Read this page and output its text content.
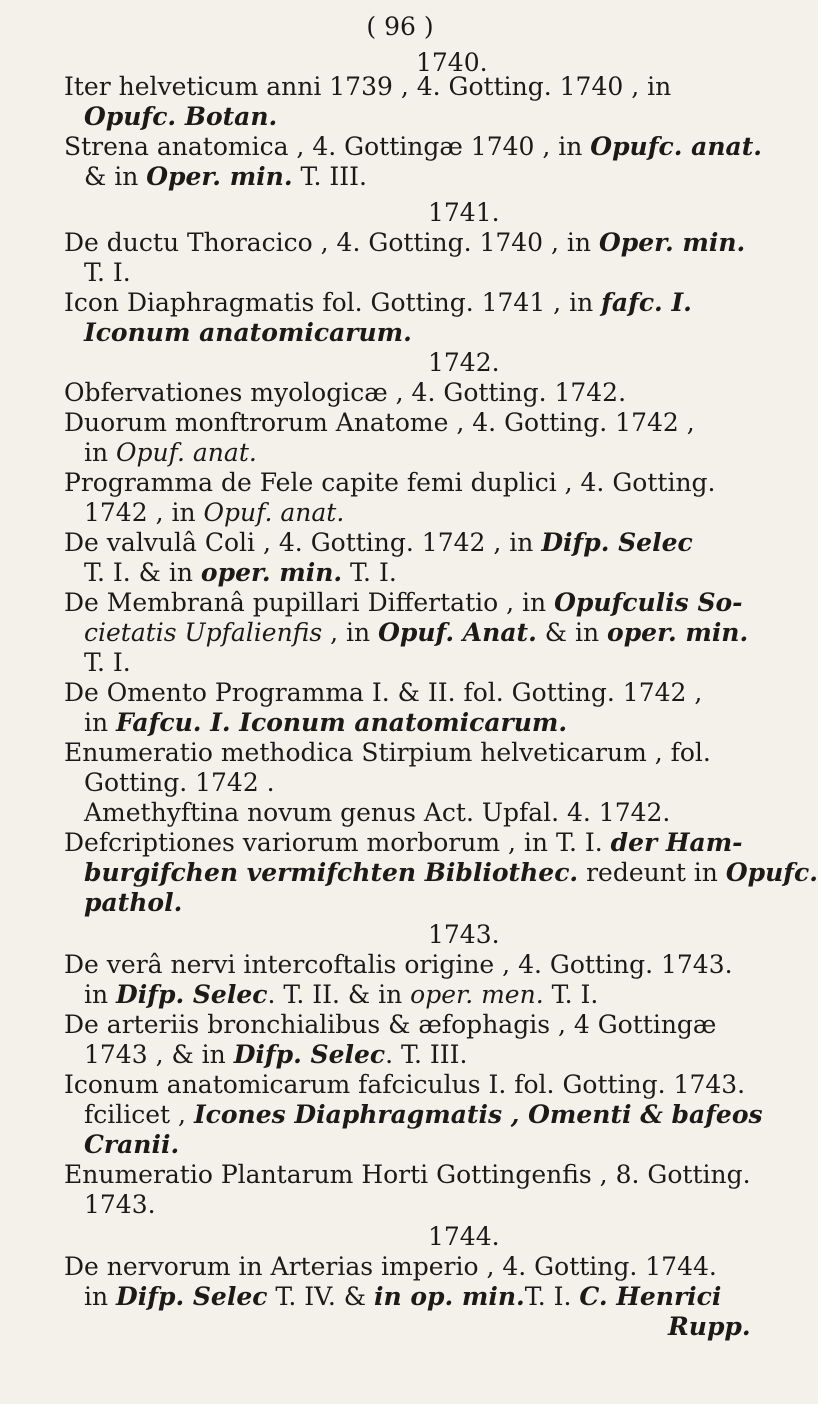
( 96 )
1740.
Iter helveticum anni 1739 , 4. Gotting. 1740 , in
Opufc. Botan.
Strena anatomica , 4. Gottingæ 1740 , in Opufc. anat.
& in Oper. min. T. III.
1741.
De ductu Thoracico , 4. Gotting. 1740 , in Oper. min.
T. I.
Icon Diaphragmatis fol. Gotting. 1741 , in fafc. I.
Iconum anatomicarum.
1742.
Obfervationes myologicæ , 4. Gotting. 1742.
Duorum monftrorum Anatome , 4. Gotting. 1742 ,
in Opuf. anat.
Programma de Fele capite femi duplici , 4. Gotting.
1742 , in Opuf. anat.
De valvulâ Coli , 4. Gotting. 1742 , in Difp. Selec
T. I. & in oper. min. T. I.
De Membranâ pupillari Differtatio , in Opufculis So-
cietatis Upfalienfis , in Opuf. Anat. & in oper. min.
T. I.
De Omento Programma I. & II. fol. Gotting. 1742 ,
in Fafcu. I. Iconum anatomicarum.
Enumeratio methodica Stirpium helveticarum , fol.
Gotting. 1742 .
Amethyftina novum genus Act. Upfal. 4. 1742.
Defcriptiones variorum morborum , in T. I. der Ham-
burgifchen vermifchten Bibliothec. redeunt in Opufc.
pathol.
1743.
De verâ nervi intercoftalis origine , 4. Gotting. 1743.
in Difp. Selec. T. II. & in oper. men. T. I.
De arteriis bronchialibus & æfophagis , 4 Gottingæ
1743 , & in Difp. Selec. T. III.
Iconum anatomicarum fafciculus I. fol. Gotting. 1743.
fcilicet , Icones Diaphragmatis , Omenti & bafeos
Cranii.
Enumeratio Plantarum Horti Gottingenfis , 8. Gotting.
1743.
1744.
De nervorum in Arterias imperio , 4. Gotting. 1744.
in Difp. Selec T. IV. & in op. min.T. I. C. Henrici
Rupp.
